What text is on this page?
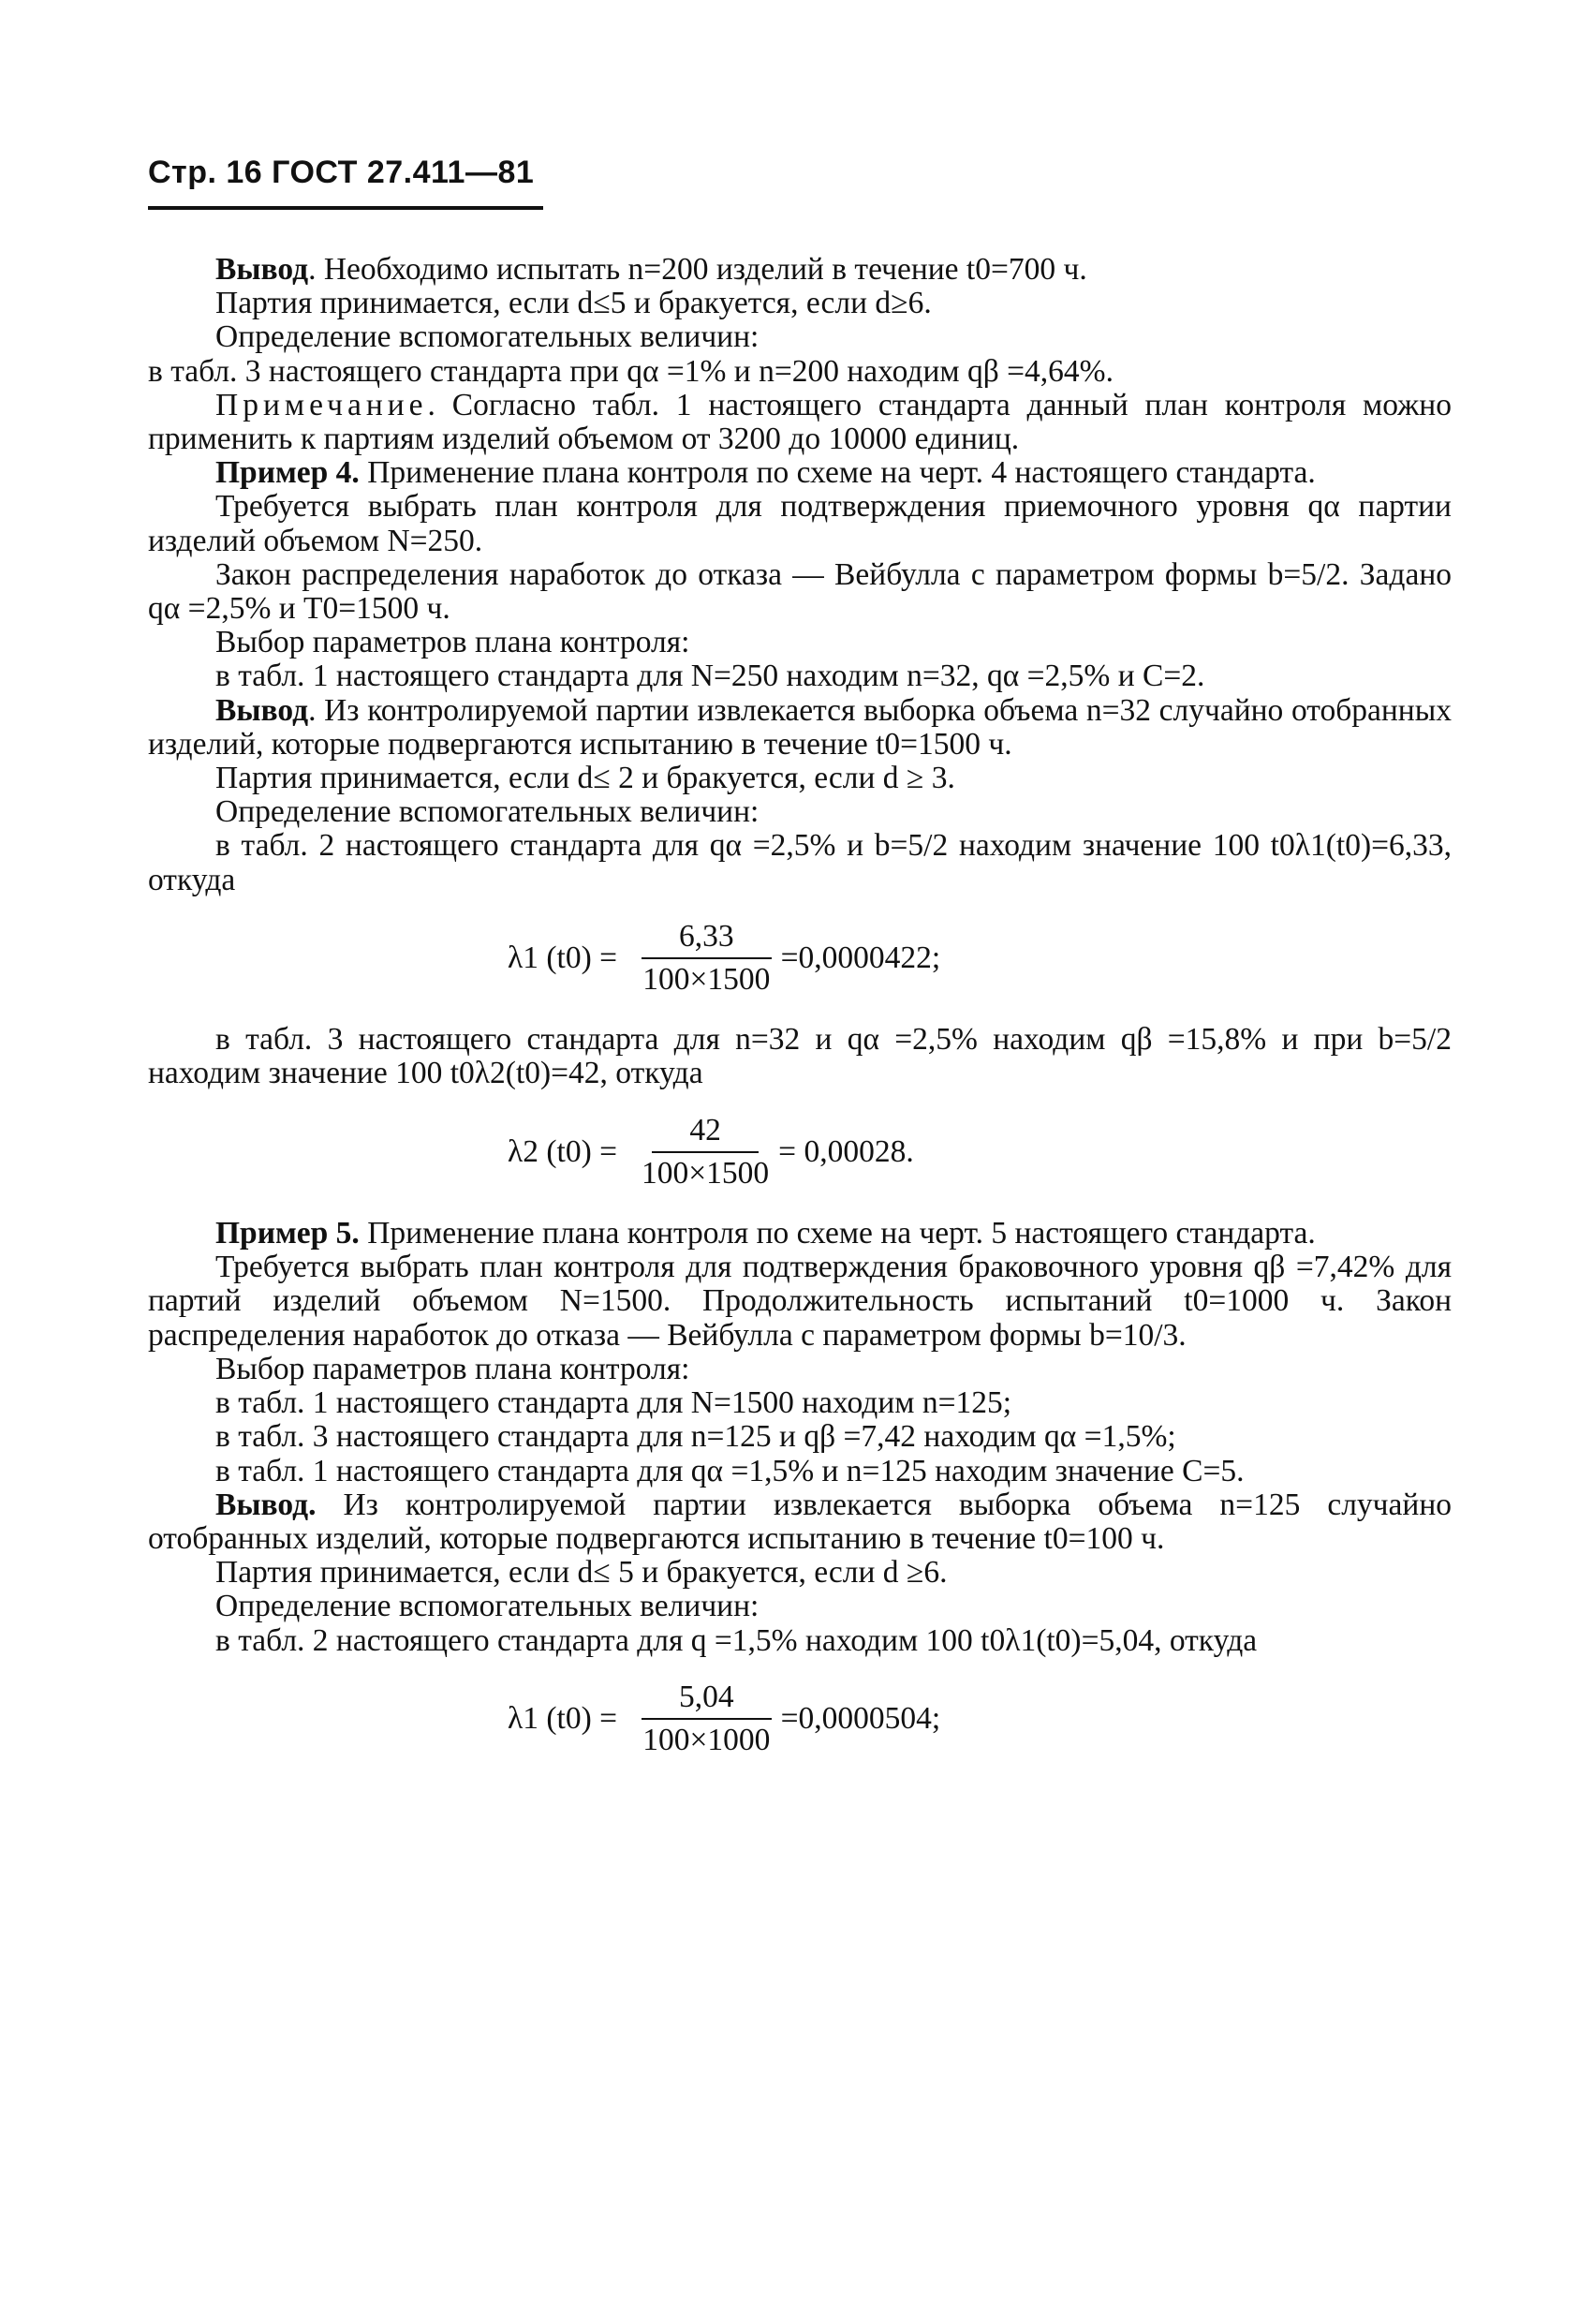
Стр. 16 ГОСТ 27.411—81

Вывод. Необходимо испытать n=200 изделий в течение t0=700 ч.

Партия принимается, если d≤5 и бракуется, если d≥6.

Определение вспомогательных величин:

в табл. 3 настоящего стандарта при qα =1% и n=200 находим qβ =4,64%.

Примечание. Согласно табл. 1 настоящего стандарта данный план контроля можно применить к партиям изделий объемом от 3200 до 10000 единиц.

Пример 4. Применение плана контроля по схеме на черт. 4 настоящего стандарта.

Требуется выбрать план контроля для подтверждения приемочного уровня qα партии изделий объемом N=250.

Закон распределения наработок до отказа — Вейбулла с параметром формы b=5/2. Задано qα =2,5% и T0=1500 ч.

Выбор параметров плана контроля:

в табл. 1 настоящего стандарта для N=250 находим n=32, qα =2,5% и C=2.

Вывод. Из контролируемой партии извлекается выборка объема n=32 случайно отобранных изделий, которые подвергаются испытанию в течение t0=1500 ч.

Партия принимается, если d≤ 2 и бракуется, если d ≥ 3.

Определение вспомогательных величин:

в табл. 2 настоящего стандарта для qα =2,5% и b=5/2 находим значение 100 t0λ1(t0)=6,33, откуда

λ1 $(t0) = \frac{6,33}{100\times 1500} =0,0000422$;

в табл. 3 настоящего стандарта для n=32 и qα =2,5% находим qβ =15,8% и при b=5/2 находим значение 100 t0λ2(t0)=42, откуда

λ2 $(t0) = \frac{42}{100\times 1500} = 0,00028$.

Пример 5. Применение плана контроля по схеме на черт. 5 настоящего стандарта.

Требуется выбрать план контроля для подтверждения браковочного уровня qβ =7,42% для партий изделий объемом N=1500. Продолжительность испытаний t0=1000 ч. Закон распределения наработок до отказа — Вейбулла с параметром формы b=10/3.

Выбор параметров плана контроля:

в табл. 1 настоящего стандарта для N=1500 находим n=125;

в табл. 3 настоящего стандарта для n=125 и qβ =7,42 находим qα =1,5%;

в табл. 1 настоящего стандарта для qα =1,5% и n=125 находим значение C=5.

Вывод. Из контролируемой партии извлекается выборка объема n=125 случайно отобранных изделий, которые подвергаются испытанию в течение t0=100 ч.

Партия принимается, если d≤ 5 и бракуется, если d ≥6.

Определение вспомогательных величин:

в табл. 2 настоящего стандарта для q =1,5% находим 100 t0λ1(t0)=5,04, откуда

λ1 $(t0) = \frac{5,04}{100\times 1000} =0,0000504$;
